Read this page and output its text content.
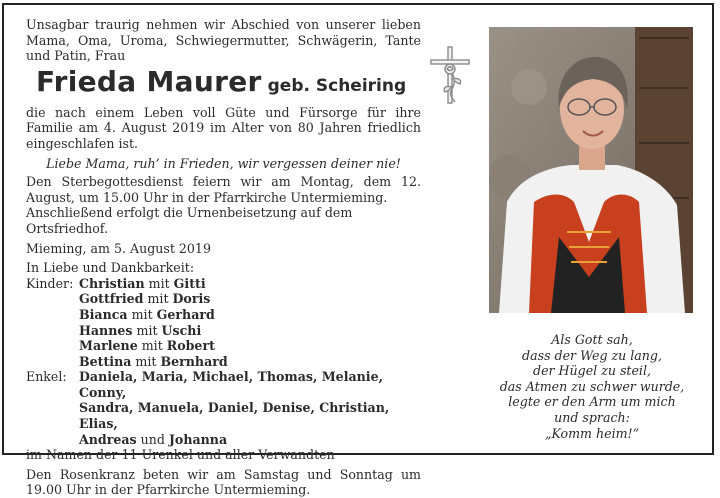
Unsagbar traurig nehmen wir Abschied von unserer lieben Mama, Oma, Uroma, Schwiegermutter, Schwägerin, Tante und Patin, Frau
Frieda Maurer geb. Scheiring
die nach einem Leben voll Güte und Fürsorge für ihre Familie am 4. August 2019 im Alter von 80 Jahren friedlich eingeschlafen ist.
Liebe Mama, ruh’ in Frieden, wir vergessen deiner nie!
Den Sterbegottesdienst feiern wir am Montag, dem 12. August, um 15.00 Uhr in der Pfarrkirche Untermieming.
Anschließend erfolgt die Urnenbeisetzung auf dem Ortsfriedhof.
Mieming, am 5. August 2019
In Liebe und Dankbarkeit:
Kinder:	Christian mit Gitti
	Gottfried mit Doris
	Bianca mit Gerhard
	Hannes mit Uschi
	Marlene mit Robert
	Bettina mit Bernhard
Enkel:	Daniela, Maria, Michael, Thomas, Melanie, Conny,
	Sandra, Manuela, Daniel, Denise, Christian, Elias,
	Andreas und Johanna
im Namen der 11 Urenkel und aller Verwandten
Den Rosenkranz beten wir am Samstag und Sonntag um 19.00 Uhr in der Pfarrkirche Untermieming.
Als Gott sah,
dass der Weg zu lang,
der Hügel zu steil,
das Atmen zu schwer wurde,
legte er den Arm um mich
und sprach:
„Komm heim!“
